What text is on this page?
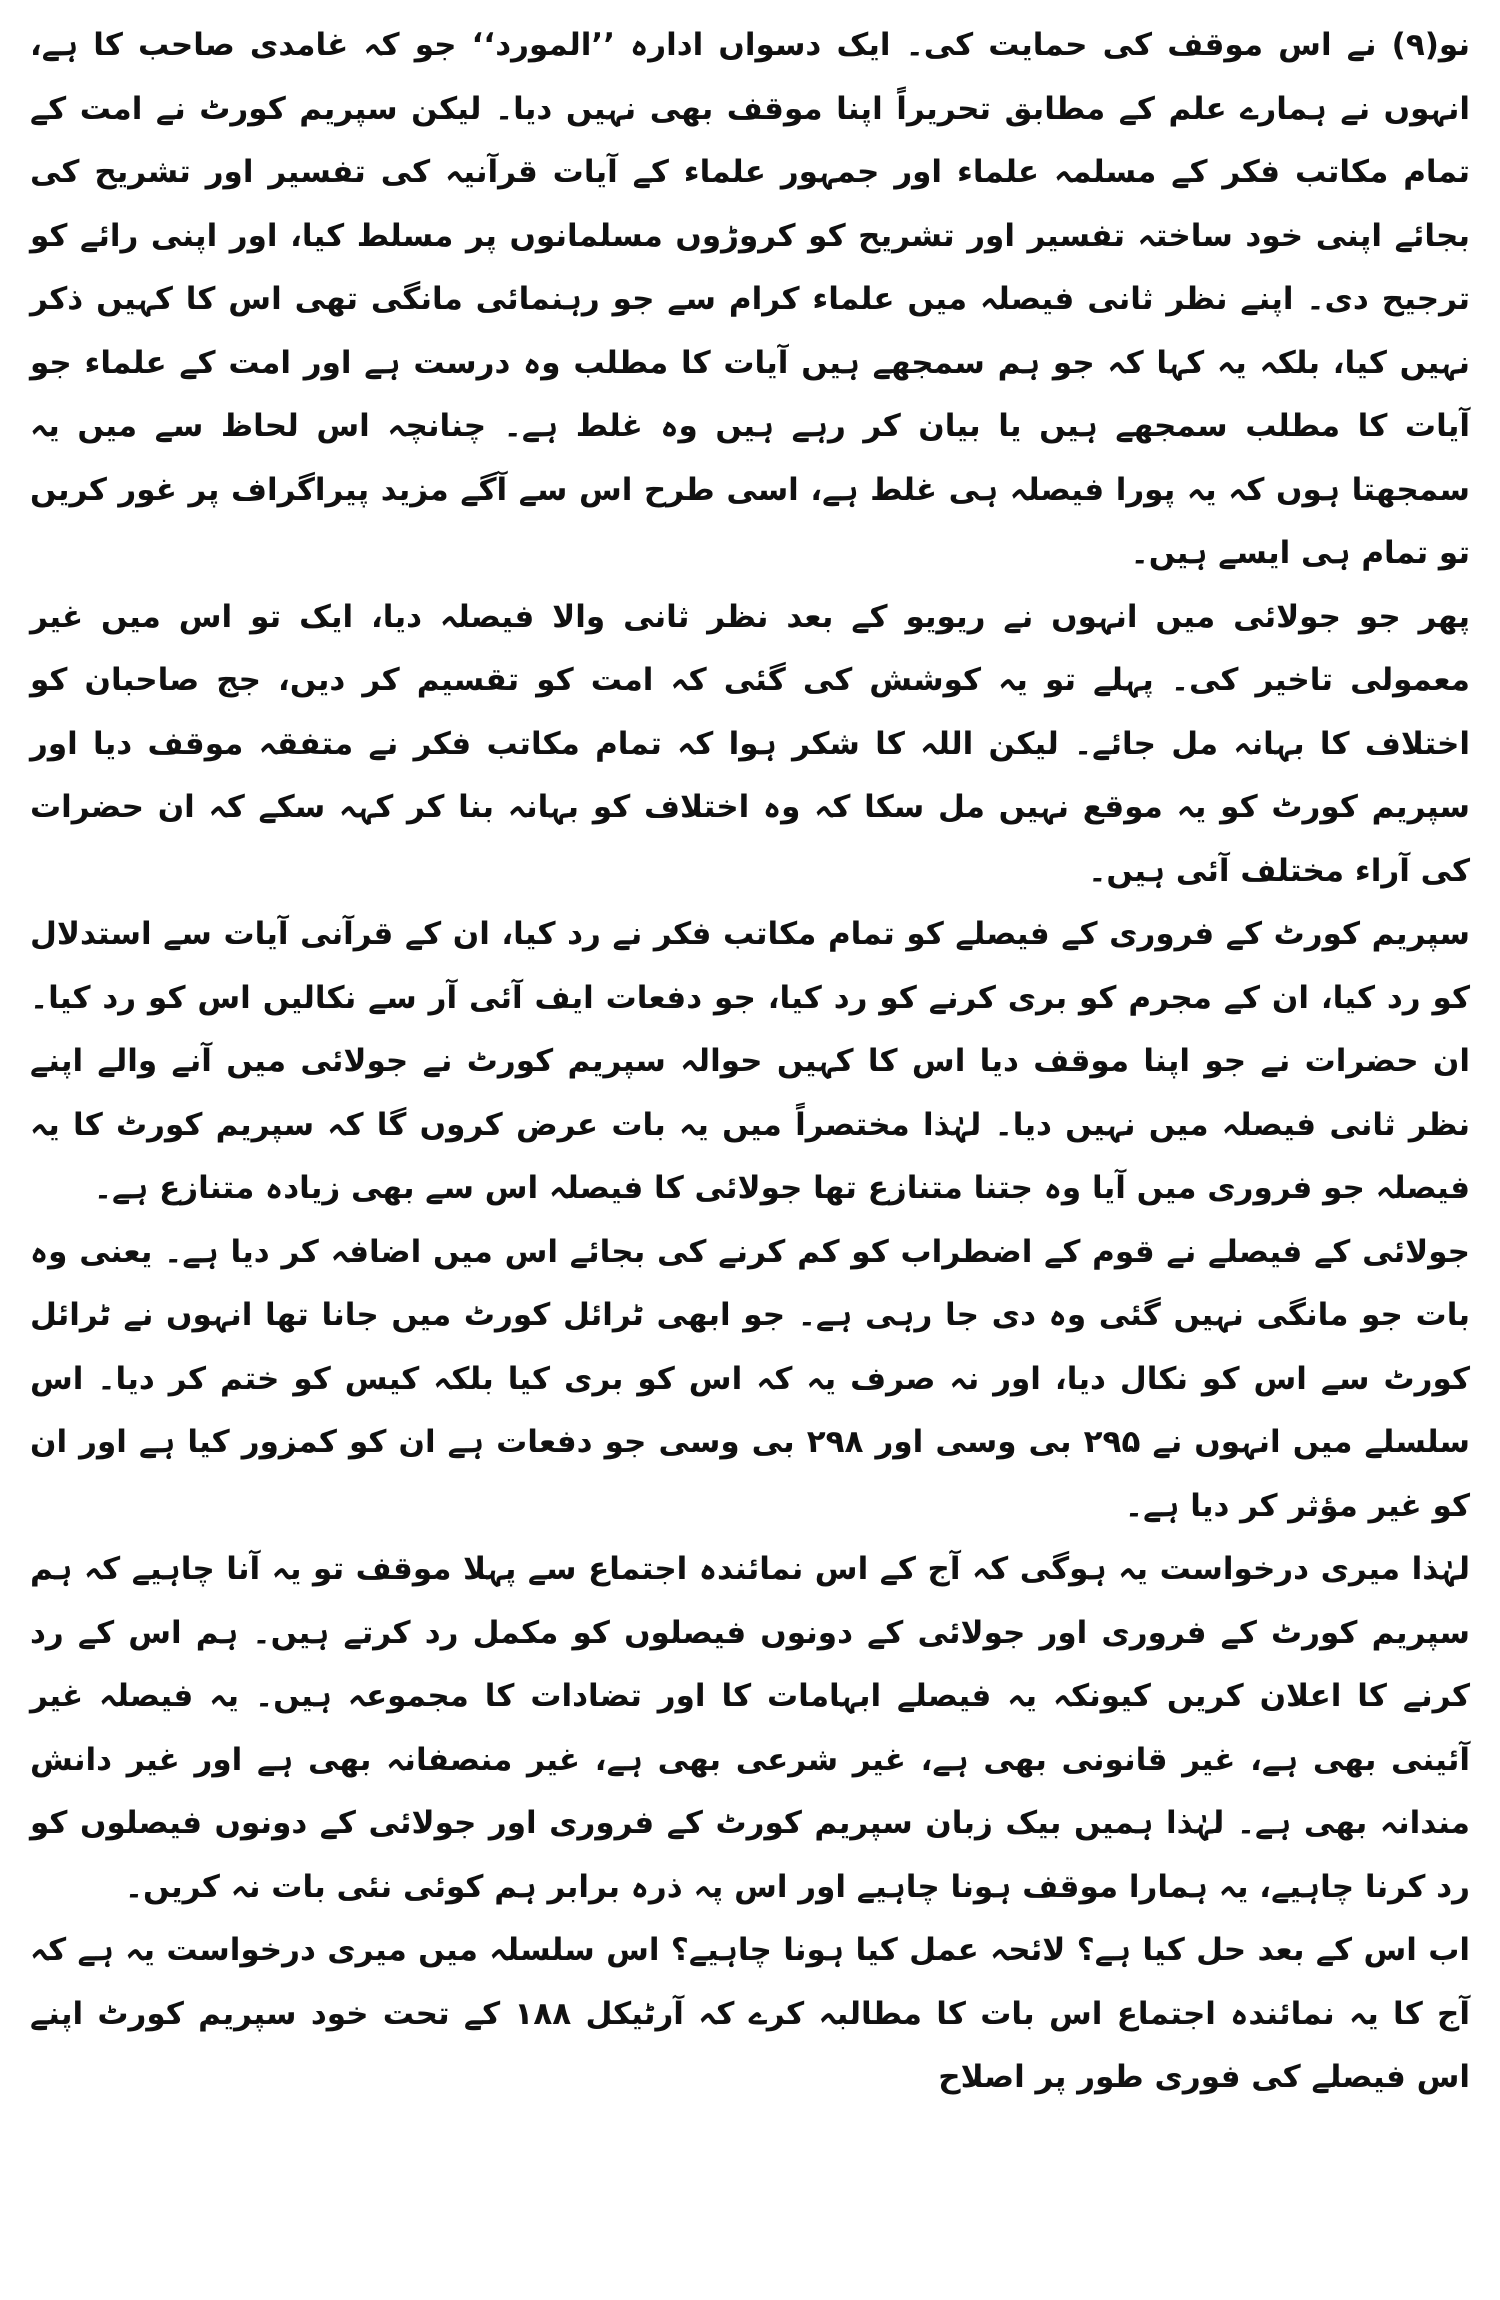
نو(۹) نے اس موقف کی حمایت کی۔ ایک دسواں ادارہ ’’المورد‘‘ جو کہ غامدی صاحب کا ہے، انہوں نے ہمارے علم کے مطابق تحریراً اپنا موقف بھی نہیں دیا۔ لیکن سپریم کورٹ نے امت کے تمام مکاتب فکر کے مسلمہ علماء اور جمہور علماء کے آیات قرآنیہ کی تفسیر اور تشریح کی بجائے اپنی خود ساختہ تفسیر اور تشریح کو کروڑوں مسلمانوں پر مسلط کیا، اور اپنی رائے کو ترجیح دی۔ اپنے نظر ثانی فیصلہ میں علماء کرام سے جو رہنمائی مانگی تھی اس کا کہیں ذکر نہیں کیا، بلکہ یہ کہا کہ جو ہم سمجھے ہیں آیات کا مطلب وہ درست ہے اور امت کے علماء جو آیات کا مطلب سمجھے ہیں یا بیان کر رہے ہیں وہ غلط ہے۔ چنانچہ اس لحاظ سے میں یہ سمجھتا ہوں کہ یہ پورا فیصلہ ہی غلط ہے، اسی طرح اس سے آگے مزید پیراگراف پر غور کریں تو تمام ہی ایسے ہیں۔

پھر جو جولائی میں انہوں نے ریویو کے بعد نظر ثانی والا فیصلہ دیا، ایک تو اس میں غیر معمولی تاخیر کی۔ پہلے تو یہ کوشش کی گئی کہ امت کو تقسیم کر دیں، جج صاحبان کو اختلاف کا بہانہ مل جائے۔ لیکن اللہ کا شکر ہوا کہ تمام مکاتب فکر نے متفقہ موقف دیا اور سپریم کورٹ کو یہ موقع نہیں مل سکا کہ وہ اختلاف کو بہانہ بنا کر کہہ سکے کہ ان حضرات کی آراء مختلف آئی ہیں۔

سپریم کورٹ کے فروری کے فیصلے کو تمام مکاتب فکر نے رد کیا، ان کے قرآنی آیات سے استدلال کو رد کیا، ان کے مجرم کو بری کرنے کو رد کیا، جو دفعات ایف آئی آر سے نکالیں اس کو رد کیا۔ ان حضرات نے جو اپنا موقف دیا اس کا کہیں حوالہ سپریم کورٹ نے جولائی میں آنے والے اپنے نظر ثانی فیصلہ میں نہیں دیا۔ لہٰذا مختصراً میں یہ بات عرض کروں گا کہ سپریم کورٹ کا یہ فیصلہ جو فروری میں آیا وہ جتنا متنازع تھا جولائی کا فیصلہ اس سے بھی زیادہ متنازع ہے۔

جولائی کے فیصلے نے قوم کے اضطراب کو کم کرنے کی بجائے اس میں اضافہ کر دیا ہے۔ یعنی وہ بات جو مانگی نہیں گئی وہ دی جا رہی ہے۔ جو ابھی ٹرائل کورٹ میں جانا تھا انہوں نے ٹرائل کورٹ سے اس کو نکال دیا، اور نہ صرف یہ کہ اس کو بری کیا بلکہ کیس کو ختم کر دیا۔ اس سلسلے میں انہوں نے ۲۹۵ بی وسی اور ۲۹۸ بی وسی جو دفعات ہے ان کو کمزور کیا ہے اور ان کو غیر مؤثر کر دیا ہے۔

لہٰذا میری درخواست یہ ہوگی کہ آج کے اس نمائندہ اجتماع سے پہلا موقف تو یہ آنا چاہیے کہ ہم سپریم کورٹ کے فروری اور جولائی کے دونوں فیصلوں کو مکمل رد کرتے ہیں۔ ہم اس کے رد کرنے کا اعلان کریں کیونکہ یہ فیصلے ابہامات کا اور تضادات کا مجموعہ ہیں۔ یہ فیصلہ غیر آئینی بھی ہے، غیر قانونی بھی ہے، غیر شرعی بھی ہے، غیر منصفانہ بھی ہے اور غیر دانش مندانہ بھی ہے۔ لہٰذا ہمیں بیک زبان سپریم کورٹ کے فروری اور جولائی کے دونوں فیصلوں کو رد کرنا چاہیے، یہ ہمارا موقف ہونا چاہیے اور اس پہ ذرہ برابر ہم کوئی نئی بات نہ کریں۔

اب اس کے بعد حل کیا ہے؟ لائحہ عمل کیا ہونا چاہیے؟ اس سلسلہ میں میری درخواست یہ ہے کہ آج کا یہ نمائندہ اجتماع اس بات کا مطالبہ کرے کہ آرٹیکل ۱۸۸ کے تحت خود سپریم کورٹ اپنے اس فیصلے کی فوری طور پر اصلاح
